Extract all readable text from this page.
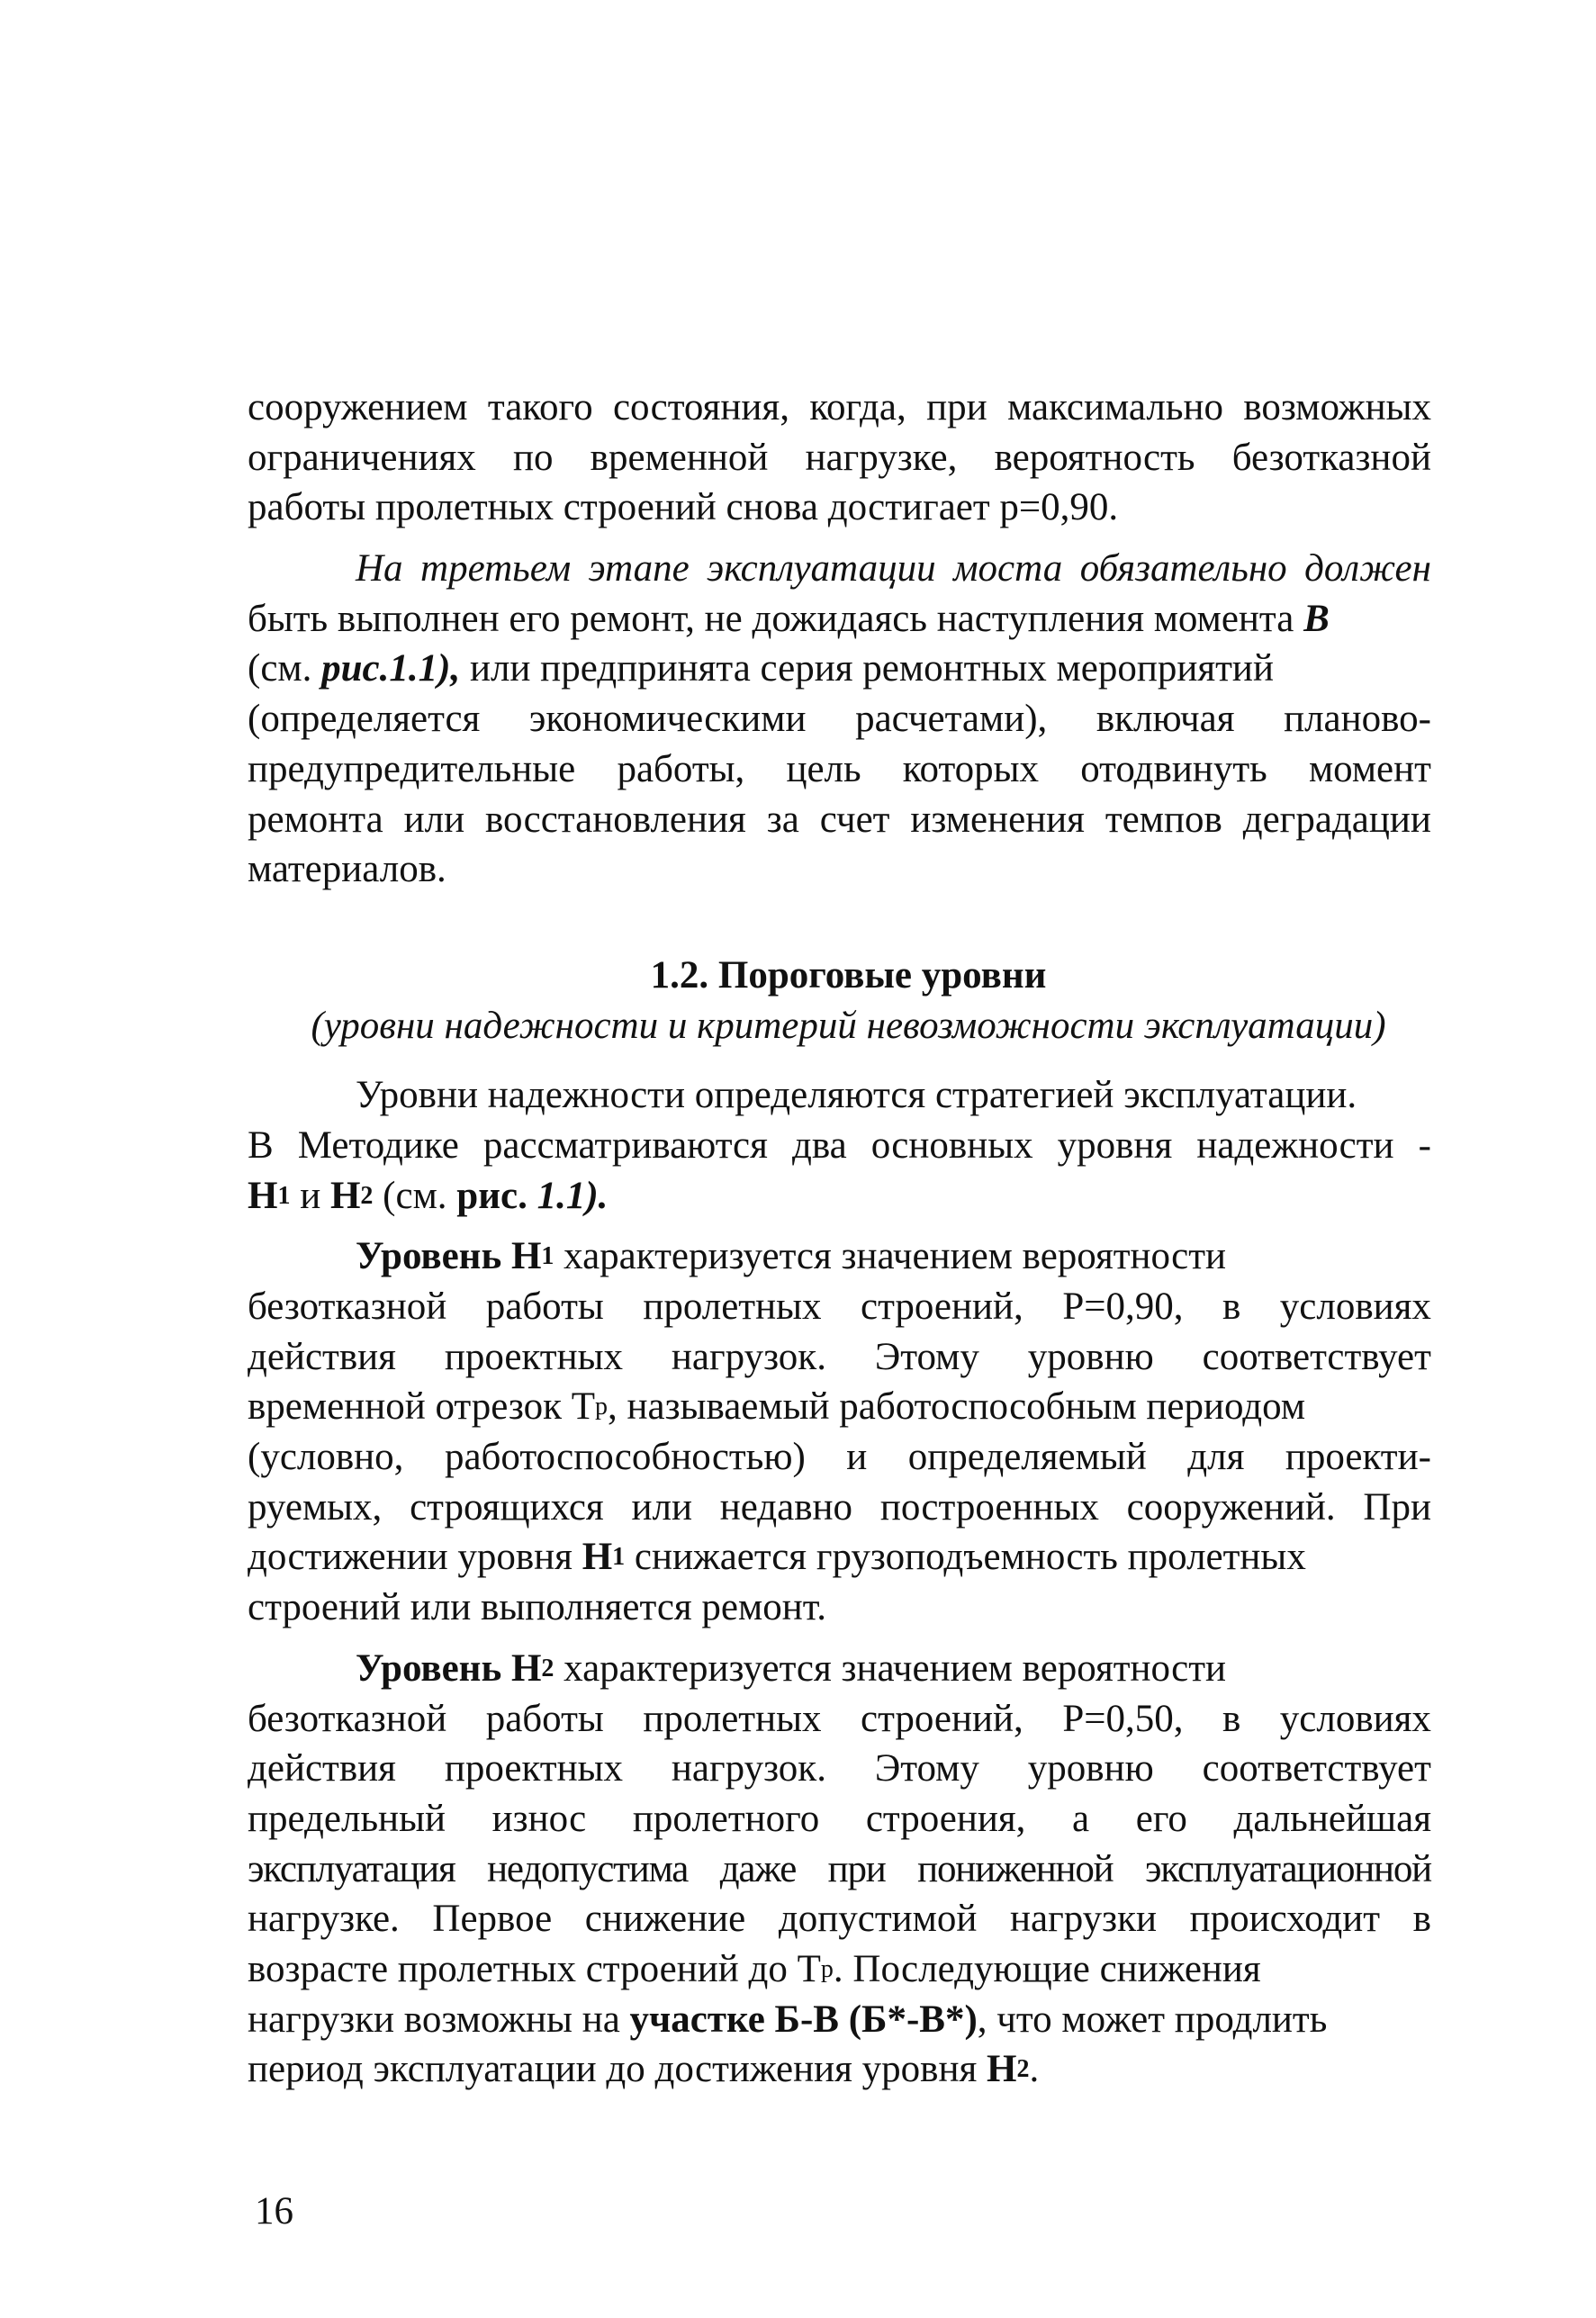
сооружением такого состояния, когда, при максимально возможных
ограничениях по временной нагрузке, вероятность безотказной
работы пролетных строений снова достигает р=0,90.
На третьем этапе эксплуатации моста обязательно должен
быть выполнен его ремонт, не дожидаясь наступления момента В
(см. рис.1.1), или предпринята серия ремонтных мероприятий
(определяется экономическими расчетами), включая планово-
предупредительные работы, цель которых отодвинуть момент
ремонта или восстановления за счет изменения темпов деградации
материалов.
1.2. Пороговые уровни
(уровни надежности и критерий невозможности эксплуатации)
Уровни надежности определяются стратегией эксплуатации.
В Методике рассматриваются два основных уровня надежности -
Н 1 и Н 2 (см. рис. 1.1).
Уровень Н 1 характеризуется значением вероятности
безотказной работы пролетных строений, Р=0,90, в условиях
действия проектных нагрузок. Этому уровню соответствует
временной отрезок Т р , называемый работоспособным периодом
(условно, работоспособностью) и определяемый для проекти-
руемых, строящихся или недавно построенных сооружений. При
достижении уровня Н 1 снижается грузоподъемность пролетных
строений или выполняется ремонт.
Уровень Н 2 характеризуется значением вероятности
безотказной работы пролетных строений, Р=0,50, в условиях
действия проектных нагрузок. Этому уровню соответствует
предельный износ пролетного строения, а его дальнейшая
эксплуатация недопустима даже при пониженной эксплуатационной
нагрузке. Первое снижение допустимой нагрузки происходит в
возрасте пролетных строений до Т р . Последующие снижения
нагрузки возможны на участке Б-В (Б*-В*) , что может продлить
период эксплуатации до достижения уровня Н 2 .
16
